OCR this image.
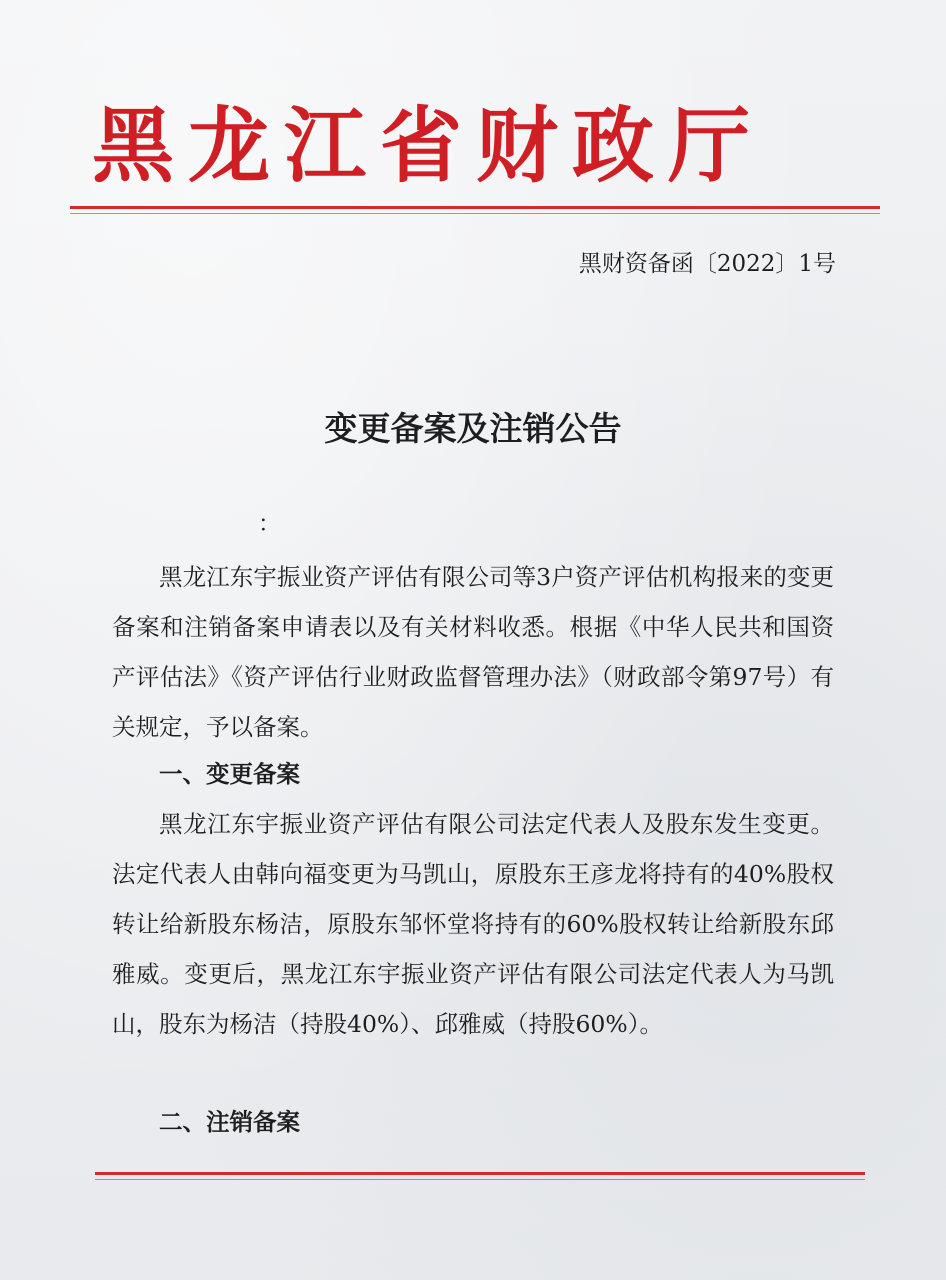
黑龙江省财政厅
黑财资备函〔2022〕1号
变更备案及注销公告
：

黑龙江东宇振业资产评估有限公司等3户资产评估机构报来的变更备案和注销备案申请表以及有关材料收悉。根据《中华人民共和国资产评估法》《资产评估行业财政监督管理办法》（财政部令第97号）有关规定，予以备案。

一、变更备案

黑龙江东宇振业资产评估有限公司法定代表人及股东发生变更。法定代表人由韩向福变更为马凯山，原股东王彦龙将持有的40%股权转让给新股东杨洁，原股东邹怀堂将持有的60%股权转让给新股东邱雅威。变更后，黑龙江东宇振业资产评估有限公司法定代表人为马凯山，股东为杨洁（持股40%）、邱雅威（持股60%）。

二、注销备案
